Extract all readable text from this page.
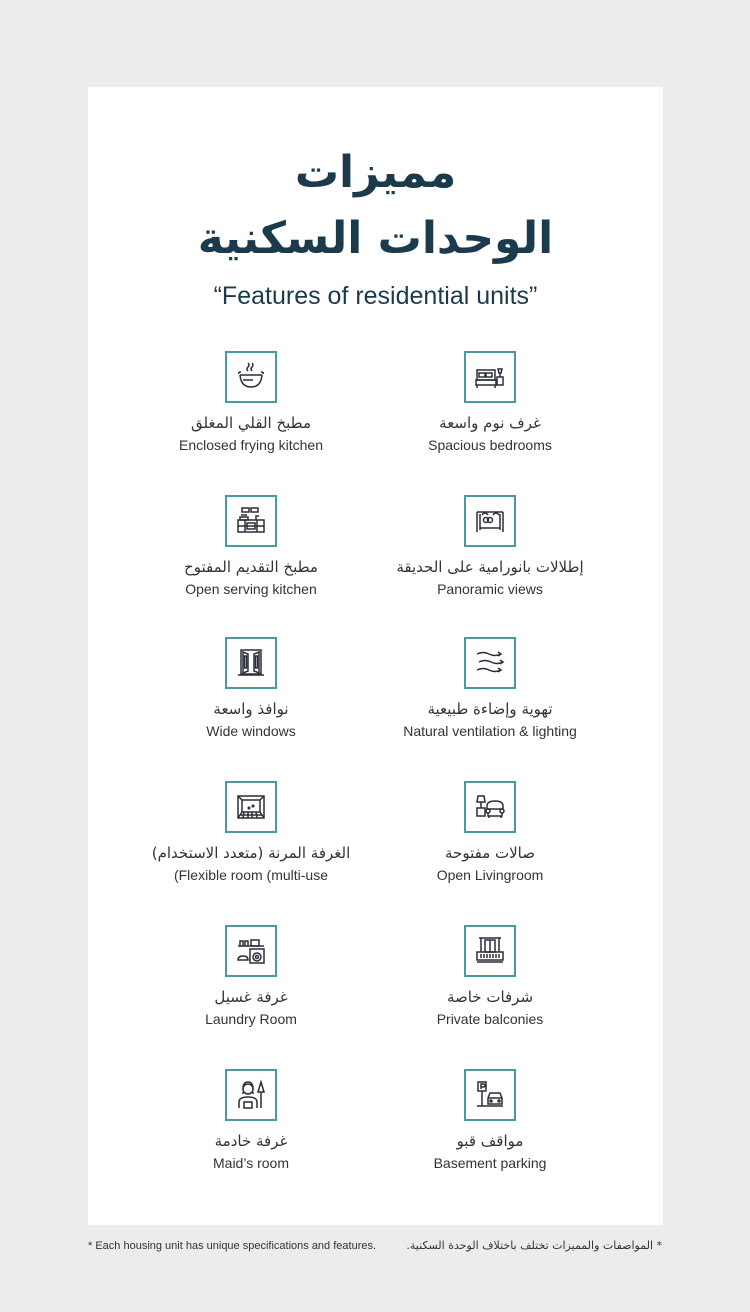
مميزات
الوحدات السكنية
“Features of residential units”
مطبخ القلي المغلق
Enclosed frying kitchen
غرف نوم واسعة
Spacious bedrooms
مطبخ التقديم المفتوح
Open serving kitchen
إطلالات بانورامية على الحديقة
Panoramic views
نوافذ واسعة
Wide windows
تهوية وإضاءة طبيعية
Natural ventilation & lighting
الغرفة المرنة (متعدد الاستخدام)
(Flexible room (multi-use
صالات مفتوحة
Open Livingroom
غرفة غسيل
Laundry Room
شرفات خاصة
Private balconies
غرفة خادمة
Maid’s room
مواقف قبو
Basement parking
* Each housing unit has unique specifications and features.	* المواصفات والمميزات تختلف باختلاف الوحدة السكنية.
